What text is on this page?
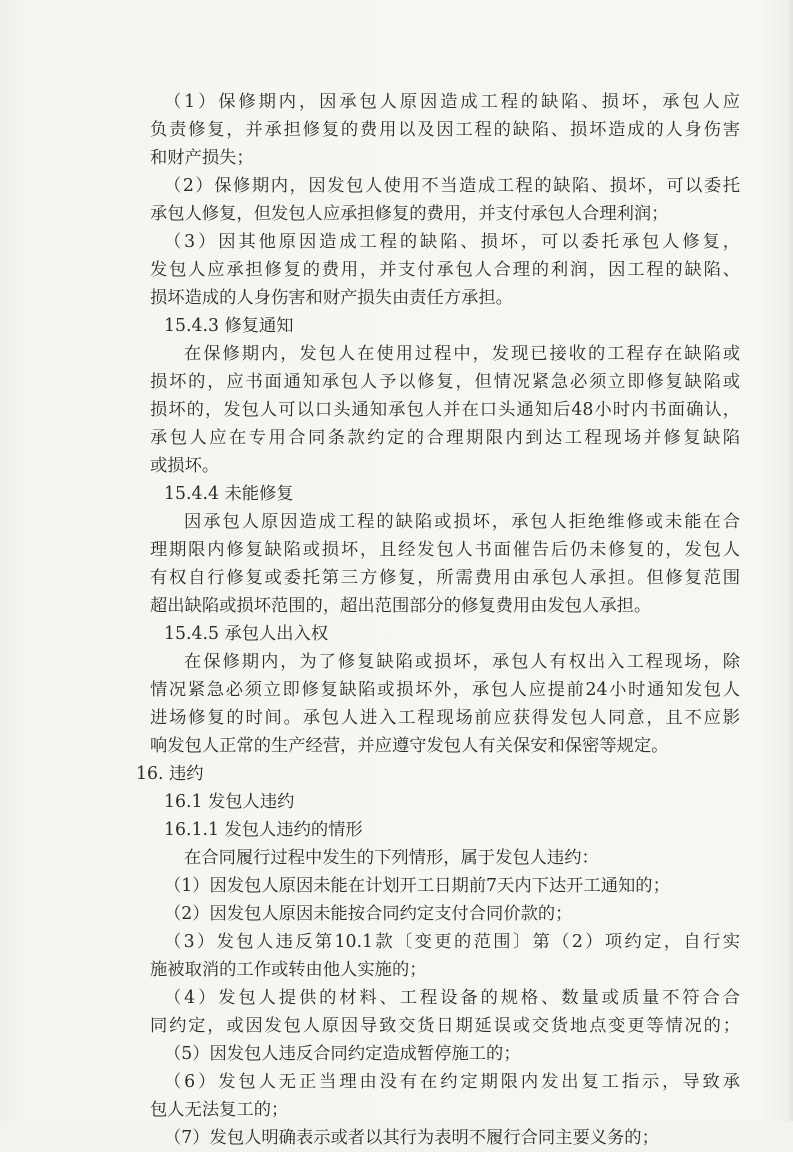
（1）保修期内，因承包人原因造成工程的缺陷、损坏，承包人应
负责修复，并承担修复的费用以及因工程的缺陷、损坏造成的人身伤害
和财产损失；
（2）保修期内，因发包人使用不当造成工程的缺陷、损坏，可以委托
承包人修复，但发包人应承担修复的费用，并支付承包人合理利润；
（3）因其他原因造成工程的缺陷、损坏，可以委托承包人修复，
发包人应承担修复的费用，并支付承包人合理的利润，因工程的缺陷、
损坏造成的人身伤害和财产损失由责任方承担。
15.4.3 修复通知
在保修期内，发包人在使用过程中，发现已接收的工程存在缺陷或
损坏的，应书面通知承包人予以修复，但情况紧急必须立即修复缺陷或
损坏的，发包人可以口头通知承包人并在口头通知后48小时内书面确认，
承包人应在专用合同条款约定的合理期限内到达工程现场并修复缺陷
或损坏。
15.4.4 未能修复
因承包人原因造成工程的缺陷或损坏，承包人拒绝维修或未能在合
理期限内修复缺陷或损坏，且经发包人书面催告后仍未修复的，发包人
有权自行修复或委托第三方修复，所需费用由承包人承担。但修复范围
超出缺陷或损坏范围的，超出范围部分的修复费用由发包人承担。
15.4.5 承包人出入权
在保修期内，为了修复缺陷或损坏，承包人有权出入工程现场，除
情况紧急必须立即修复缺陷或损坏外，承包人应提前24小时通知发包人
进场修复的时间。承包人进入工程现场前应获得发包人同意，且不应影
响发包人正常的生产经营，并应遵守发包人有关保安和保密等规定。
16. 违约
16.1 发包人违约
16.1.1 发包人违约的情形
在合同履行过程中发生的下列情形，属于发包人违约：
（1）因发包人原因未能在计划开工日期前7天内下达开工通知的；
（2）因发包人原因未能按合同约定支付合同价款的；
（3）发包人违反第10.1款〔变更的范围〕第（2）项约定，自行实
施被取消的工作或转由他人实施的；
（4）发包人提供的材料、工程设备的规格、数量或质量不符合合
同约定，或因发包人原因导致交货日期延误或交货地点变更等情况的；
（5）因发包人违反合同约定造成暂停施工的；
（6）发包人无正当理由没有在约定期限内发出复工指示，导致承
包人无法复工的；
（7）发包人明确表示或者以其行为表明不履行合同主要义务的；
